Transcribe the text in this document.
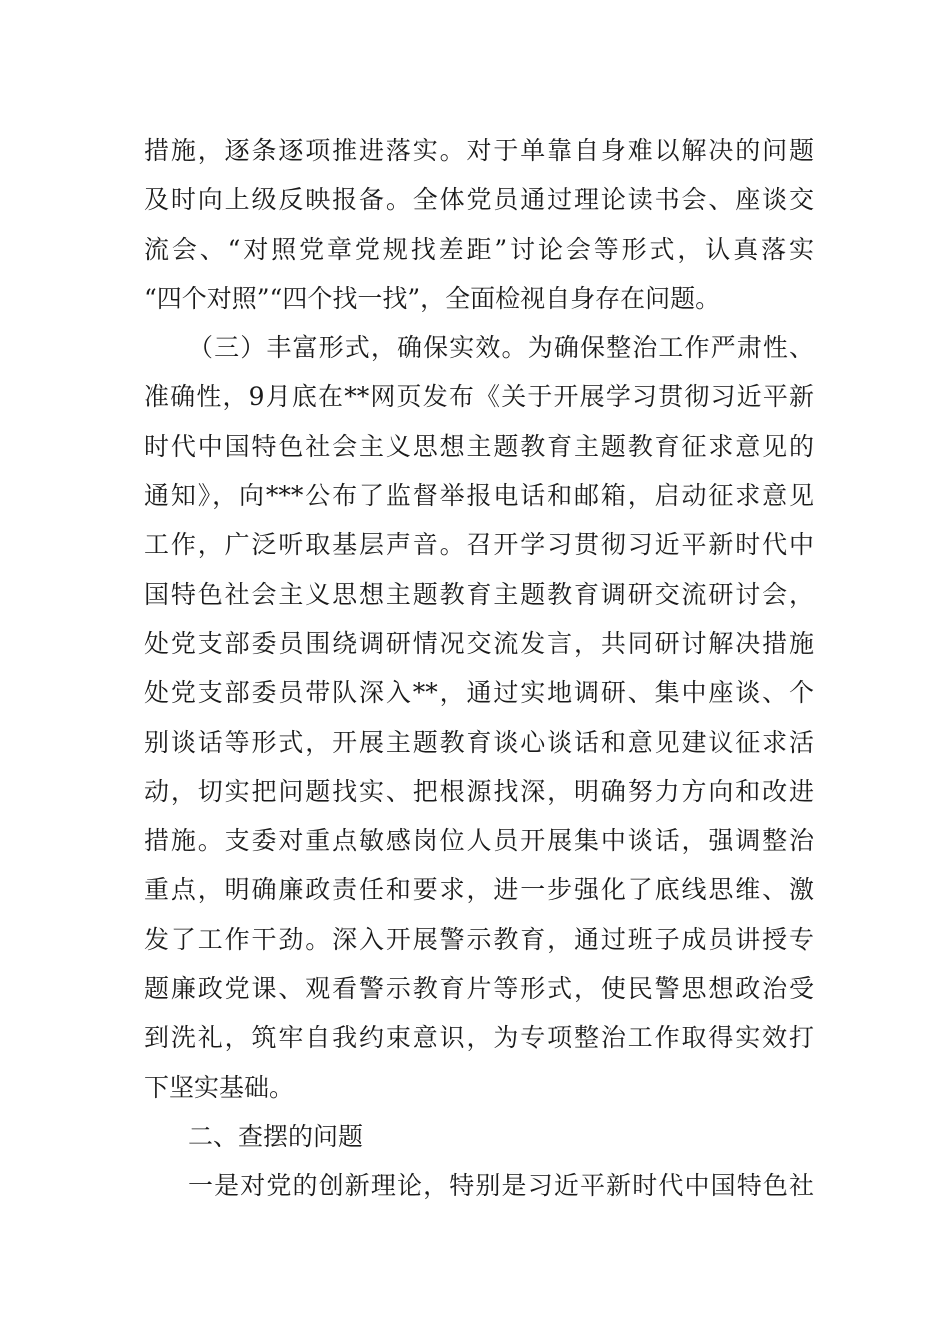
措施，逐条逐项推进落实。对于单靠自身难以解决的问题
及时向上级反映报备。全体党员通过理论读书会、座谈交
流会、“对照党章党规找差距”讨论会等形式，认真落实
“四个对照”“四个找一找”，全面检视自身存在问题。
（三）丰富形式，确保实效。为确保整治工作严肃性、
准确性，9月底在**网页发布《关于开展学习贯彻习近平新
时代中国特色社会主义思想主题教育主题教育征求意见的
通知》，向***公布了监督举报电话和邮箱，启动征求意见
工作，广泛听取基层声音。召开学习贯彻习近平新时代中
国特色社会主义思想主题教育主题教育调研交流研讨会，
处党支部委员围绕调研情况交流发言，共同研讨解决措施
处党支部委员带队深入**，通过实地调研、集中座谈、个
别谈话等形式，开展主题教育谈心谈话和意见建议征求活
动，切实把问题找实、把根源找深，明确努力方向和改进
措施。支委对重点敏感岗位人员开展集中谈话，强调整治
重点，明确廉政责任和要求，进一步强化了底线思维、激
发了工作干劲。深入开展警示教育，通过班子成员讲授专
题廉政党课、观看警示教育片等形式，使民警思想政治受
到洗礼，筑牢自我约束意识，为专项整治工作取得实效打
下坚实基础。
二、查摆的问题
一是对党的创新理论，特别是习近平新时代中国特色社
